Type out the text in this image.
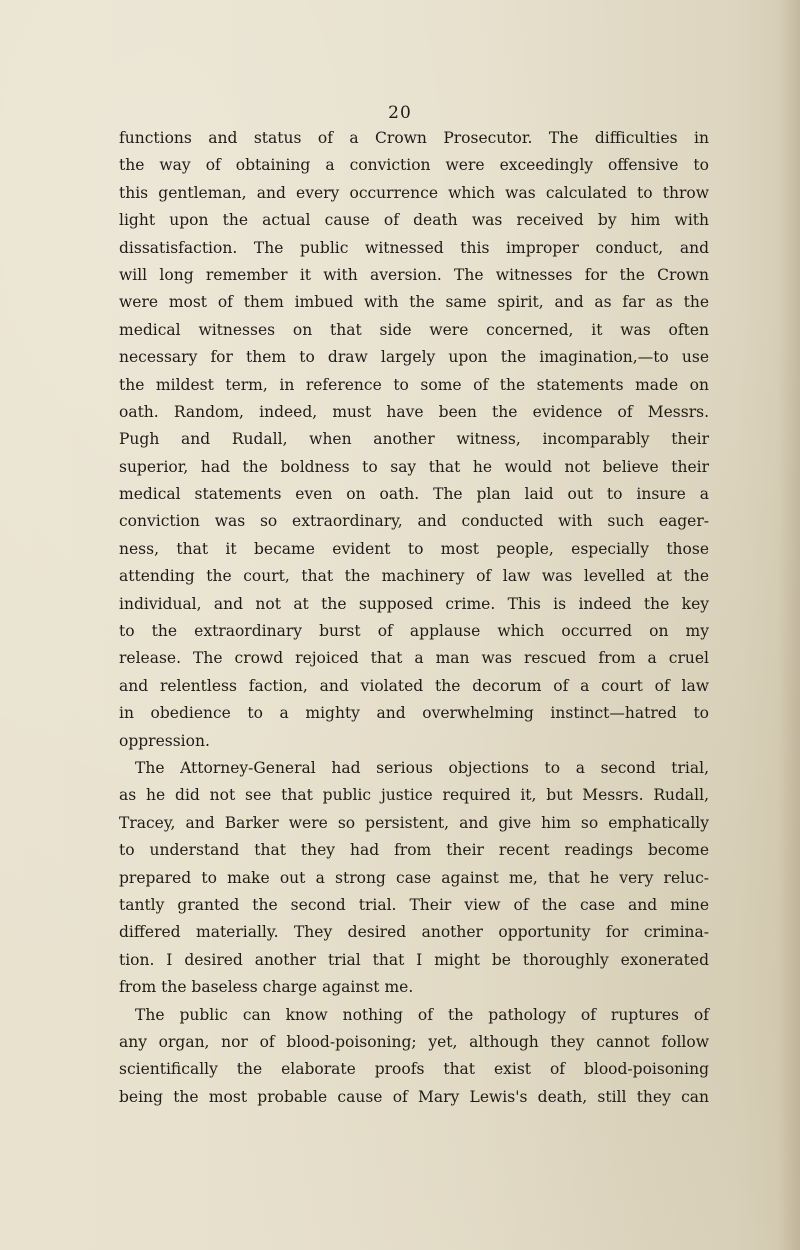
20
functions and status of a Crown Prosecutor. The difficulties in
the way of obtaining a conviction were exceedingly offensive to
this gentleman, and every occurrence which was calculated to throw
light upon the actual cause of death was received by him with
dissatisfaction. The public witnessed this improper conduct, and
will long remember it with aversion. The witnesses for the Crown
were most of them imbued with the same spirit, and as far as the
medical witnesses on that side were concerned, it was often
necessary for them to draw largely upon the imagination,—to use
the mildest term, in reference to some of the statements made on
oath. Random, indeed, must have been the evidence of Messrs.
Pugh and Rudall, when another witness, incomparably their
superior, had the boldness to say that he would not believe their
medical statements even on oath. The plan laid out to insure a
conviction was so extraordinary, and conducted with such eager-
ness, that it became evident to most people, especially those
attending the court, that the machinery of law was levelled at the
individual, and not at the supposed crime. This is indeed the key
to the extraordinary burst of applause which occurred on my
release. The crowd rejoiced that a man was rescued from a cruel
and relentless faction, and violated the decorum of a court of law
in obedience to a mighty and overwhelming instinct—hatred to
oppression.
The Attorney-General had serious objections to a second trial,
as he did not see that public justice required it, but Messrs. Rudall,
Tracey, and Barker were so persistent, and give him so emphatically
to understand that they had from their recent readings become
prepared to make out a strong case against me, that he very reluc-
tantly granted the second trial. Their view of the case and mine
differed materially. They desired another opportunity for crimina-
tion. I desired another trial that I might be thoroughly exonerated
from the baseless charge against me.
The public can know nothing of the pathology of ruptures of
any organ, nor of blood-poisoning; yet, although they cannot follow
scientifically the elaborate proofs that exist of blood-poisoning
being the most probable cause of Mary Lewis's death, still they can
